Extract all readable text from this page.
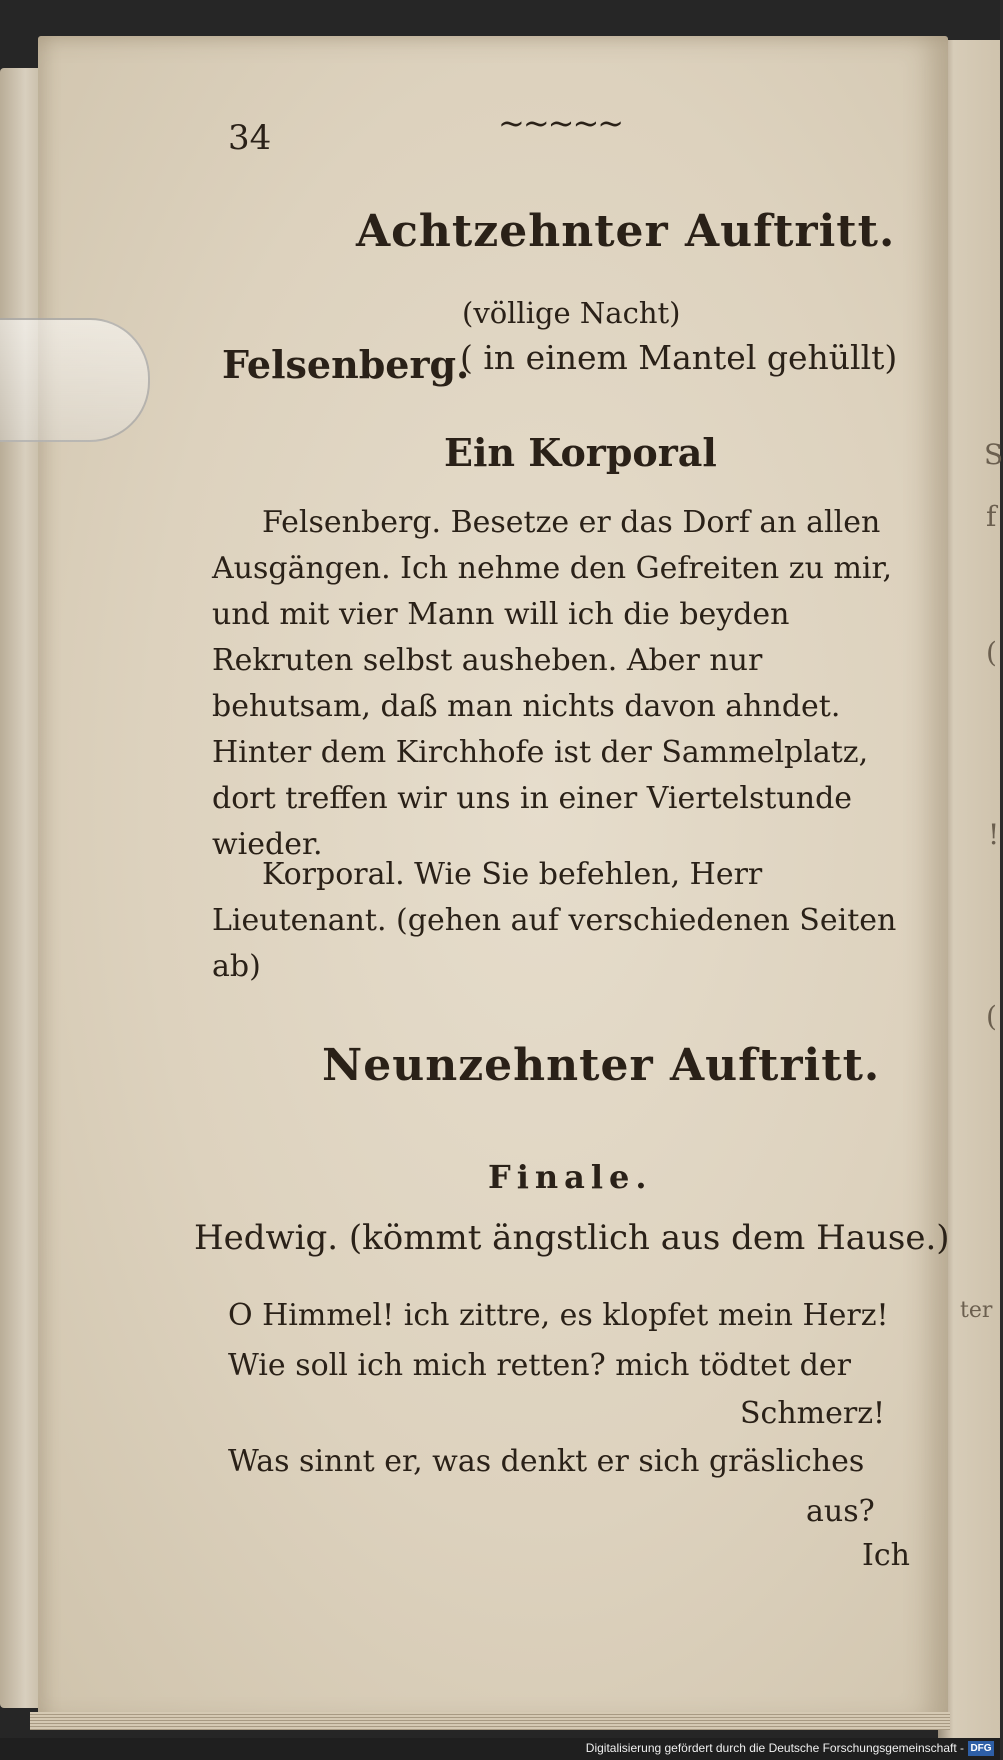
S
f
(
!
(
ter
34	~~~~~
Achtzehnter Auftritt.
(völlige Nacht)
Felsenberg.
( in einem Mantel gehüllt)
Ein Korporal
Felsenberg. Besetze er das Dorf an allen Ausgängen. Ich nehme den Gefreiten zu mir, und mit vier Mann will ich die beyden Rekruten selbst ausheben. Aber nur behutsam, daß man nichts davon ahndet. Hinter dem Kirchhofe ist der Sammelplatz, dort treffen wir uns in einer Viertelstunde wieder.
Korporal. Wie Sie befehlen, Herr Lieutenant. (gehen auf verschiedenen Seiten ab)
Neunzehnter Auftritt.
Finale.
Hedwig. (kömmt ängstlich aus dem Hause.)
O Himmel! ich zittre, es klopfet mein Herz!
Wie soll ich mich retten? mich tödtet der
Schmerz!
Was sinnt er, was denkt er sich gräsliches
aus?
Ich
Digitalisierung gefördert durch die Deutsche Forschungsgemeinschaft - DFG
